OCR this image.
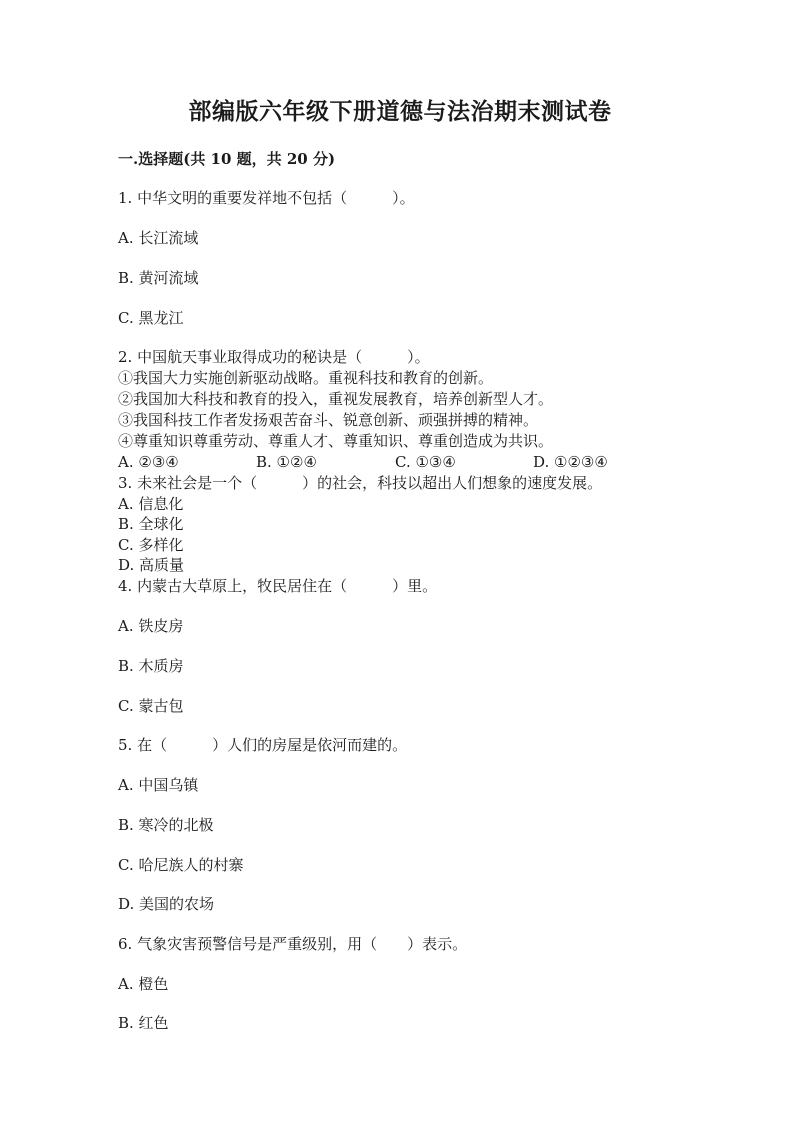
部编版六年级下册道德与法治期末测试卷
一.选择题(共 10 题，共 20 分)
1. 中华文明的重要发祥地不包括（　　　）。
A. 长江流域
B. 黄河流域
C. 黑龙江
2. 中国航天事业取得成功的秘诀是（　　　）。
①我国大力实施创新驱动战略。重视科技和教育的创新。
②我国加大科技和教育的投入，重视发展教育，培养创新型人才。
③我国科技工作者发扬艰苦奋斗、锐意创新、顽强拼搏的精神。
④尊重知识尊重劳动、尊重人才、尊重知识、尊重创造成为共识。
A. ②③④	B. ①②④	C. ①③④	D. ①②③④
3. 未来社会是一个（　　　）的社会，科技以超出人们想象的速度发展。
A. 信息化
B. 全球化
C. 多样化
D. 高质量
4. 内蒙古大草原上，牧民居住在（　　　）里。
A. 铁皮房
B. 木质房
C. 蒙古包
5. 在（　　　）人们的房屋是依河而建的。
A. 中国乌镇
B. 寒冷的北极
C. 哈尼族人的村寨
D. 美国的农场
6. 气象灾害预警信号是严重级别，用（　　）表示。
A. 橙色
B. 红色
